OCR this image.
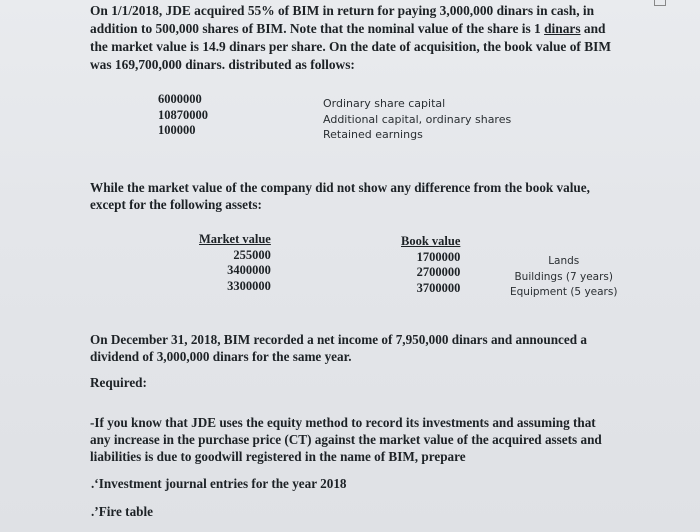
On 1/1/2018, JDE acquired 55% of BIM in return for paying 3,000,000 dinars in cash, in
addition to 500,000 shares of BIM. Note that the nominal value of the share is 1 dinars and
the market value is 14.9 dinars per share. On the date of acquisition, the book value of BIM
was 169,700,000 dinars. distributed as follows:
6000000
10870000
100000
Ordinary share capital
Additional capital, ordinary shares
Retained earnings
While the market value of the company did not show any difference from the book value,
except for the following assets:
Market value
255000
3400000
3300000
Book value
1700000
2700000
3700000
Lands
Buildings (7 years)
Equipment (5 years)
On December 31, 2018, BIM recorded a net income of 7,950,000 dinars and announced a
dividend of 3,000,000 dinars for the same year.
Required:
-If you know that JDE uses the equity method to record its investments and assuming that
any increase in the purchase price (CT) against the market value of the acquired assets and
liabilities is due to goodwill registered in the name of BIM, prepare
.‘Investment journal entries for the year 2018
.’Fire table
